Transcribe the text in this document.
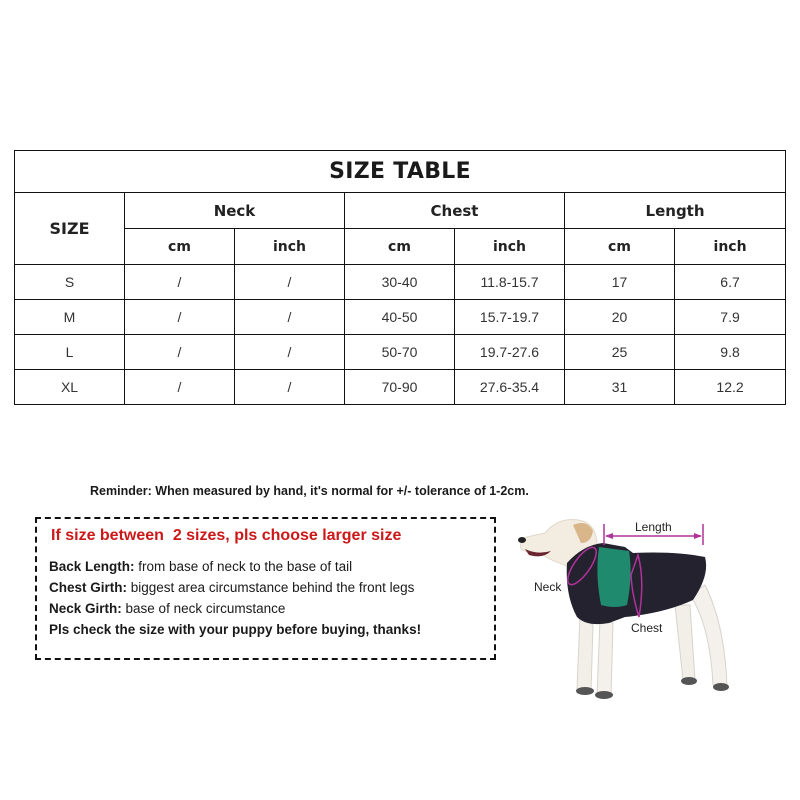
SIZE TABLE						
SIZE	Neck		Chest		Length	
	cm	inch	cm	inch	cm	inch
S	/	/	30-40	11.8-15.7	17	6.7
M	/	/	40-50	15.7-19.7	20	7.9
L	/	/	50-70	19.7-27.6	25	9.8
XL	/	/	70-90	27.6-35.4	31	12.2
Reminder: When measured by hand, it's normal for +/- tolerance of 1-2cm.
If size between  2 sizes, pls choose larger size
Back Length: from base of neck to the base of tail
Chest Girth: biggest area circumstance behind the front legs
Neck Girth: base of neck circumstance
Pls check the size with your puppy before buying, thanks!
Length
Neck
Chest
